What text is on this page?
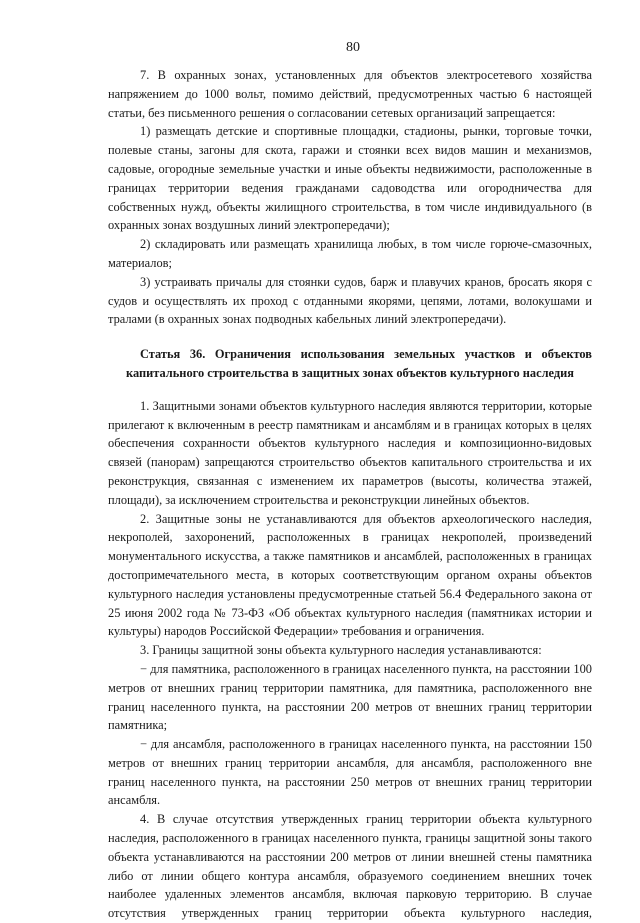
80

7. В охранных зонах, установленных для объектов электросетевого хозяйства напряжением до 1000 вольт, помимо действий, предусмотренных частью 6 настоящей статьи, без письменного решения о согласовании сетевых организаций запрещается:

1) размещать детские и спортивные площадки, стадионы, рынки, торговые точки, полевые станы, загоны для скота, гаражи и стоянки всех видов машин и механизмов, садовые, огородные земельные участки и иные объекты недвижимости, расположенные в границах территории ведения гражданами садоводства или огородничества для собственных нужд, объекты жилищного строительства, в том числе индивидуального (в охранных зонах воздушных линий электропередачи);

2) складировать или размещать хранилища любых, в том числе горюче-смазочных, материалов;

3) устраивать причалы для стоянки судов, барж и плавучих кранов, бросать якоря с судов и осуществлять их проход с отданными якорями, цепями, лотами, волокушами и тралами (в охранных зонах подводных кабельных линий электропередачи).

Статья 36. Ограничения использования земельных участков и объектов капитального строительства в защитных зонах объектов культурного наследия

1. Защитными зонами объектов культурного наследия являются территории, которые прилегают к включенным в реестр памятникам и ансамблям и в границах которых в целях обеспечения сохранности объектов культурного наследия и композиционно-видовых связей (панорам) запрещаются строительство объектов капитального строительства и их реконструкция, связанная с изменением их параметров (высоты, количества этажей, площади), за исключением строительства и реконструкции линейных объектов.

2. Защитные зоны не устанавливаются для объектов археологического наследия, некрополей, захоронений, расположенных в границах некрополей, произведений монументального искусства, а также памятников и ансамблей, расположенных в границах достопримечательного места, в которых соответствующим органом охраны объектов культурного наследия установлены предусмотренные статьей 56.4 Федерального закона от 25 июня 2002 года № 73-ФЗ «Об объектах культурного наследия (памятниках истории и культуры) народов Российской Федерации» требования и ограничения.

3. Границы защитной зоны объекта культурного наследия устанавливаются:

− для памятника, расположенного в границах населенного пункта, на расстоянии 100 метров от внешних границ территории памятника, для памятника, расположенного вне границ населенного пункта, на расстоянии 200 метров от внешних границ территории памятника;

− для ансамбля, расположенного в границах населенного пункта, на расстоянии 150 метров от внешних границ территории ансамбля, для ансамбля, расположенного вне границ населенного пункта, на расстоянии 250 метров от внешних границ территории ансамбля.

4. В случае отсутствия утвержденных границ территории объекта культурного наследия, расположенного в границах населенного пункта, границы защитной зоны такого объекта устанавливаются на расстоянии 200 метров от линии внешней стены памятника либо от линии общего контура ансамбля, образуемого соединением внешних точек наиболее удаленных элементов ансамбля, включая парковую территорию. В случае отсутствия утвержденных границ территории объекта культурного наследия,
